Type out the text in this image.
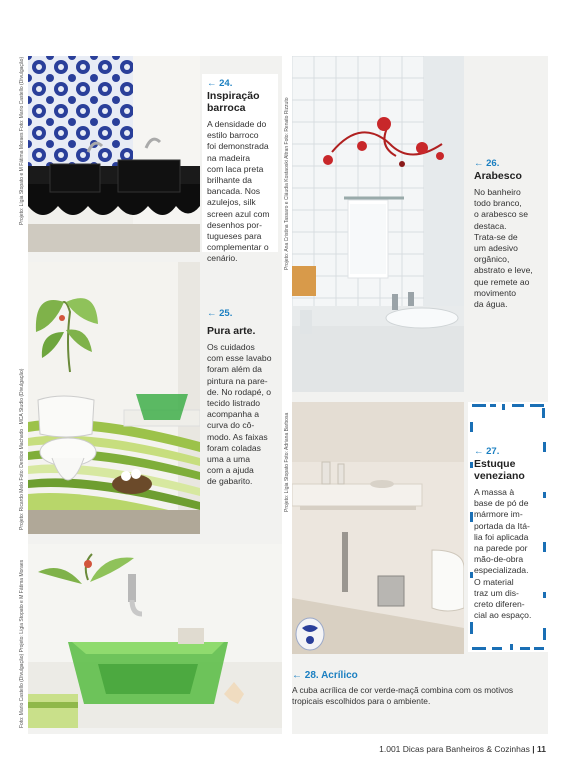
Projeto: Lígia Stopato e M Fátima Moraes Foto: Mario Castello (Divulgação)	← 24.
Inspiração
barroca
A densidade do
estilo barroco
foi demonstrada
na madeira
com laca preta
brilhante da
bancada. Nos
azulejos, silk
screen azul com
desenhos por-
tugueses para
complementar o
cenário.
Projeto: Ricardo Melo Foto: Dentice Machado · MCA Studio (Divulgação)
← 25.
Pura arte.
Os cuidados
com esse lavabo
foram além da
pintura na pare-
de. No rodapé, o
tecido listrado
acompanha a
curva do cô-
modo. As faixas
foram coladas
uma a uma
com a ajuda
de gabarito.
Foto: Mario Castello (Divulgação) Projeto: Lígia Stopato e M Fátima Moraes
Projeto: Ana Cristina Tassaro e Cláudia Kostaoski Altran Foto: Renato Rizzuto	← 26.
Arabesco
No banheiro
todo branco,
o arabesco se
destaca.
Trata-se de
um adesivo
orgânico,
abstrato e leve,
que remete ao
movimento
da água.
Projeto: Lígia Stopato Foto: Adriana Barbosa	← 27.
Estuque
veneziano
A massa à
base de pó de
mármore im-
portada da Itá-
lia foi aplicada
na parede por
mão-de-obra
especializada.
O material
traz um dis-
creto diferen-
cial ao espaço.
← 28. Acrílico
A cuba acrílica de cor verde-maçã combina com os motivos
tropicais escolhidos para o ambiente.
1.001 Dicas para Banheiros & Cozinhas | 11
